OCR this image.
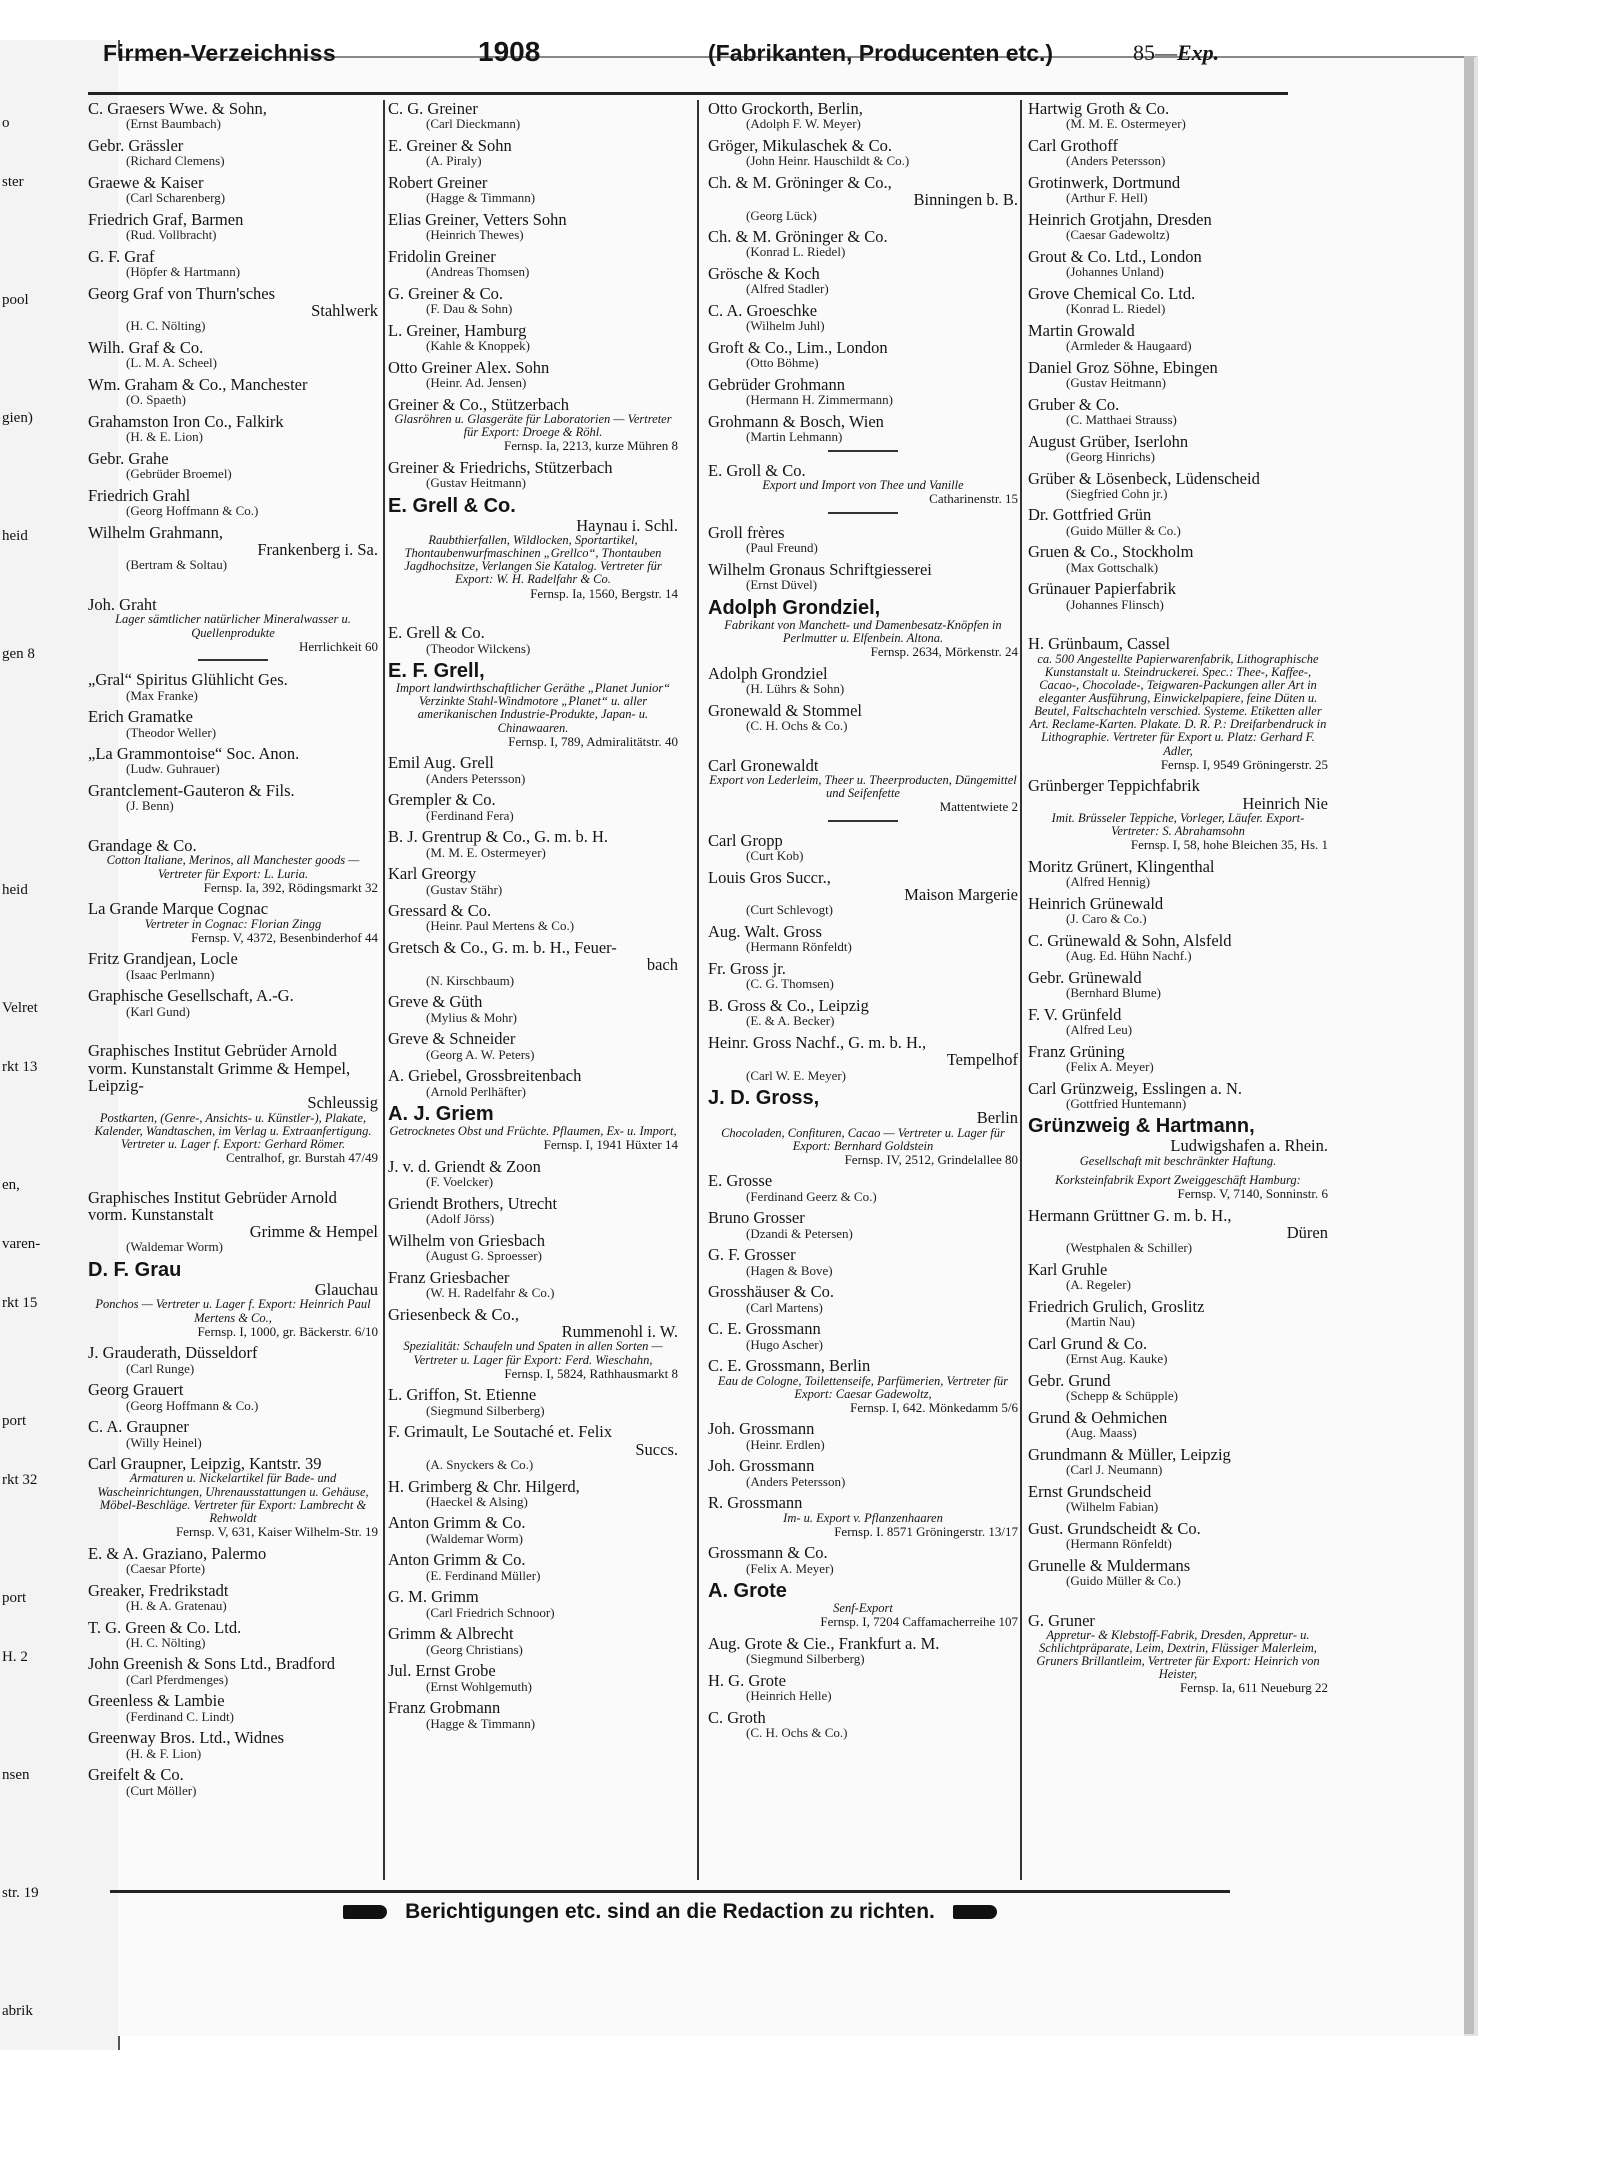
o
ster
pool
gien)
heid
gen 8
heid
Velret
rkt 13
en,
varen-
rkt 15
port
rkt 32
port
H. 2
nsen
str. 19
abrik
Firmen-Verzeichniss	1908	(Fabrikanten, Producenten etc.)	85—Exp.
C. Graesers Wwe. & Sohn,
(Ernst Baumbach)
Gebr. Grässler
(Richard Clemens)
Graewe & Kaiser
(Carl Scharenberg)
Friedrich Graf, Barmen
(Rud. Vollbracht)
G. F. Graf
(Höpfer & Hartmann)
Georg Graf von Thurn'sches
Stahlwerk
(H. C. Nölting)
Wilh. Graf & Co.
(L. M. A. Scheel)
Wm. Graham & Co., Manchester
(O. Spaeth)
Grahamston Iron Co., Falkirk
(H. & E. Lion)
Gebr. Grahe
(Gebrüder Broemel)
Friedrich Grahl
(Georg Hoffmann & Co.)
Wilhelm Grahmann,
Frankenberg i. Sa.
(Bertram & Soltau)
Joh. Graht
Lager sämtlicher natürlicher Mineralwasser u. Quellenprodukte
Herrlichkeit 60
„Gral“ Spiritus Glühlicht Ges.
(Max Franke)
Erich Gramatke
(Theodor Weller)
„La Grammontoise“ Soc. Anon.
(Ludw. Guhrauer)
Grantclement-Gauteron & Fils.
(J. Benn)
Grandage & Co.
Cotton Italiane, Merinos, all Manchester goods — Vertreter für Export: L. Luria.
Fernsp. Ia, 392, Rödingsmarkt 32
La Grande Marque Cognac
Vertreter in Cognac: Florian Zingg
Fernsp. V, 4372, Besenbinderhof 44
Fritz Grandjean, Locle
(Isaac Perlmann)
Graphische Gesellschaft, A.-G.
(Karl Gund)
Graphisches Institut Gebrüder Arnold vorm. Kunstanstalt Grimme & Hempel, Leipzig-
Schleussig
Postkarten, (Genre-, Ansichts- u. Künstler-), Plakate, Kalender, Wandtaschen, im Verlag u. Extraanfertigung. Vertreter u. Lager f. Export: Gerhard Römer.
Centralhof, gr. Burstah 47/49
Graphisches Institut Gebrüder Arnold vorm. Kunstanstalt
Grimme & Hempel
(Waldemar Worm)
D. F. Grau
Glauchau
Ponchos — Vertreter u. Lager f. Export: Heinrich Paul Mertens & Co.,
Fernsp. I, 1000, gr. Bäckerstr. 6/10
J. Grauderath, Düsseldorf
(Carl Runge)
Georg Grauert
(Georg Hoffmann & Co.)
C. A. Graupner
(Willy Heinel)
Carl Graupner, Leipzig, Kantstr. 39
Armaturen u. Nickelartikel für Bade- und Wascheinrichtungen, Uhrenausstattungen u. Gehäuse, Möbel-Beschläge. Vertreter für Export: Lambrecht & Rehwoldt
Fernsp. V, 631, Kaiser Wilhelm-Str. 19
E. & A. Graziano, Palermo
(Caesar Pforte)
Greaker, Fredrikstadt
(H. & A. Gratenau)
T. G. Green & Co. Ltd.
(H. C. Nölting)
John Greenish & Sons Ltd., Bradford
(Carl Pferdmenges)
Greenless & Lambie
(Ferdinand C. Lindt)
Greenway Bros. Ltd., Widnes
(H. & F. Lion)
Greifelt & Co.
(Curt Möller)
C. G. Greiner
(Carl Dieckmann)
E. Greiner & Sohn
(A. Piraly)
Robert Greiner
(Hagge & Timmann)
Elias Greiner, Vetters Sohn
(Heinrich Thewes)
Fridolin Greiner
(Andreas Thomsen)
G. Greiner & Co.
(F. Dau & Sohn)
L. Greiner, Hamburg
(Kahle & Knoppek)
Otto Greiner Alex. Sohn
(Heinr. Ad. Jensen)
Greiner & Co., Stützerbach
Glasröhren u. Glasgeräte für Laboratorien — Vertreter für Export: Droege & Röhl.
Fernsp. Ia, 2213, kurze Mühren 8
Greiner & Friedrichs, Stützerbach
(Gustav Heitmann)
E. Grell & Co.
Haynau i. Schl.
Raubthierfallen, Wildlocken, Sportartikel, Thontaubenwurfmaschinen „Grellco“, Thontauben Jagdhochsitze, Verlangen Sie Katalog. Vertreter für Export: W. H. Radelfahr & Co.
Fernsp. Ia, 1560, Bergstr. 14
E. Grell & Co.
(Theodor Wilckens)
E. F. Grell,
Import landwirthschaftlicher Geräthe „Planet Junior“ Verzinkte Stahl-Windmotore „Planet“ u. aller amerikanischen Industrie-Produkte, Japan- u. Chinawaaren.
Fernsp. I, 789, Admiralitätstr. 40
Emil Aug. Grell
(Anders Petersson)
Grempler & Co.
(Ferdinand Fera)
B. J. Grentrup & Co., G. m. b. H.
(M. M. E. Ostermeyer)
Karl Greorgy
(Gustav Stähr)
Gressard & Co.
(Heinr. Paul Mertens & Co.)
Gretsch & Co., G. m. b. H., Feuer-
bach
(N. Kirschbaum)
Greve & Güth
(Mylius & Mohr)
Greve & Schneider
(Georg A. W. Peters)
A. Griebel, Grossbreitenbach
(Arnold Perlhäfter)
A. J. Griem
Getrocknetes Obst und Früchte. Pflaumen, Ex- u. Import,
Fernsp. I, 1941 Hüxter 14
J. v. d. Griendt & Zoon
(F. Voelcker)
Griendt Brothers, Utrecht
(Adolf Jörss)
Wilhelm von Griesbach
(August G. Sproesser)
Franz Griesbacher
(W. H. Radelfahr & Co.)
Griesenbeck & Co.,
Rummenohl i. W.
Spezialität: Schaufeln und Spaten in allen Sorten — Vertreter u. Lager für Export: Ferd. Wieschahn,
Fernsp. I, 5824, Rathhausmarkt 8
L. Griffon, St. Etienne
(Siegmund Silberberg)
F. Grimault, Le Soutaché et. Felix
Succs.
(A. Snyckers & Co.)
H. Grimberg & Chr. Hilgerd,
(Haeckel & Alsing)
Anton Grimm & Co.
(Waldemar Worm)
Anton Grimm & Co.
(E. Ferdinand Müller)
G. M. Grimm
(Carl Friedrich Schnoor)
Grimm & Albrecht
(Georg Christians)
Jul. Ernst Grobe
(Ernst Wohlgemuth)
Franz Grobmann
(Hagge & Timmann)
Otto Grockorth, Berlin,
(Adolph F. W. Meyer)
Gröger, Mikulaschek & Co.
(John Heinr. Hauschildt & Co.)
Ch. & M. Gröninger & Co.,
Binningen b. B.
(Georg Lück)
Ch. & M. Gröninger & Co.
(Konrad L. Riedel)
Grösche & Koch
(Alfred Stadler)
C. A. Groeschke
(Wilhelm Juhl)
Groft & Co., Lim., London
(Otto Böhme)
Gebrüder Grohmann
(Hermann H. Zimmermann)
Grohmann & Bosch, Wien
(Martin Lehmann)
E. Groll & Co.
Export und Import von Thee und Vanille
Catharinenstr. 15
Groll frères
(Paul Freund)
Wilhelm Gronaus Schriftgiesserei
(Ernst Düvel)
Adolph Grondziel,
Fabrikant von Manchett- und Damenbesatz-Knöpfen in Perlmutter u. Elfenbein. Altona.
Fernsp. 2634, Mörkenstr. 24
Adolph Grondziel
(H. Lührs & Sohn)
Gronewald & Stommel
(C. H. Ochs & Co.)
Carl Gronewaldt
Export von Lederleim, Theer u. Theerproducten, Düngemittel und Seifenfette
Mattentwiete 2
Carl Gropp
(Curt Kob)
Louis Gros Succr.,
Maison Margerie
(Curt Schlevogt)
Aug. Walt. Gross
(Hermann Rönfeldt)
Fr. Gross jr.
(C. G. Thomsen)
B. Gross & Co., Leipzig
(E. & A. Becker)
Heinr. Gross Nachf., G. m. b. H.,
Tempelhof
(Carl W. E. Meyer)
J. D. Gross,
Berlin
Chocoladen, Confituren, Cacao — Vertreter u. Lager für Export: Bernhard Goldstein
Fernsp. IV, 2512, Grindelallee 80
E. Grosse
(Ferdinand Geerz & Co.)
Bruno Grosser
(Dzandi & Petersen)
G. F. Grosser
(Hagen & Bove)
Grosshäuser & Co.
(Carl Martens)
C. E. Grossmann
(Hugo Ascher)
C. E. Grossmann, Berlin
Eau de Cologne, Toilettenseife, Parfümerien, Vertreter für Export: Caesar Gadewoltz,
Fernsp. I, 642. Mönkedamm 5/6
Joh. Grossmann
(Heinr. Erdlen)
Joh. Grossmann
(Anders Petersson)
R. Grossmann
Im- u. Export v. Pflanzenhaaren
Fernsp. I. 8571 Gröningerstr. 13/17
Grossmann & Co.
(Felix A. Meyer)
A. Grote
Senf-Export
Fernsp. I, 7204 Caffamacherreihe 107
Aug. Grote & Cie., Frankfurt a. M.
(Siegmund Silberberg)
H. G. Grote
(Heinrich Helle)
C. Groth
(C. H. Ochs & Co.)
Hartwig Groth & Co.
(M. M. E. Ostermeyer)
Carl Grothoff
(Anders Petersson)
Grotinwerk, Dortmund
(Arthur F. Hell)
Heinrich Grotjahn, Dresden
(Caesar Gadewoltz)
Grout & Co. Ltd., London
(Johannes Unland)
Grove Chemical Co. Ltd.
(Konrad L. Riedel)
Martin Growald
(Armleder & Haugaard)
Daniel Groz Söhne, Ebingen
(Gustav Heitmann)
Gruber & Co.
(C. Matthaei Strauss)
August Grüber, Iserlohn
(Georg Hinrichs)
Grüber & Lösenbeck, Lüdenscheid
(Siegfried Cohn jr.)
Dr. Gottfried Grün
(Guido Müller & Co.)
Gruen & Co., Stockholm
(Max Gottschalk)
Grünauer Papierfabrik
(Johannes Flinsch)
H. Grünbaum, Cassel
ca. 500 Angestellte Papierwarenfabrik, Lithographische Kunstanstalt u. Steindruckerei. Spec.: Thee-, Kaffee-, Cacao-, Chocolade-, Teigwaren-Packungen aller Art in eleganter Ausführung, Einwickelpapiere, feine Düten u. Beutel, Faltschachteln verschied. Systeme. Etiketten aller Art. Reclame-Karten. Plakate. D. R. P.: Dreifarbendruck in Lithographie. Vertreter für Export u. Platz: Gerhard F. Adler,
Fernsp. I, 9549 Gröningerstr. 25
Grünberger Teppichfabrik
Heinrich Nie
Imit. Brüsseler Teppiche, Vorleger, Läufer. Export-Vertreter: S. Abrahamsohn
Fernsp. I, 58, hohe Bleichen 35, Hs. 1
Moritz Grünert, Klingenthal
(Alfred Hennig)
Heinrich Grünewald
(J. Caro & Co.)
C. Grünewald & Sohn, Alsfeld
(Aug. Ed. Hühn Nachf.)
Gebr. Grünewald
(Bernhard Blume)
F. V. Grünfeld
(Alfred Leu)
Franz Grüning
(Felix A. Meyer)
Carl Grünzweig, Esslingen a. N.
(Gottfried Huntemann)
Grünzweig & Hartmann,
Ludwigshafen a. Rhein.
Gesellschaft mit beschränkter Haftung.
Korksteinfabrik Export Zweiggeschäft Hamburg:
Fernsp. V, 7140, Sonninstr. 6
Hermann Grüttner G. m. b. H.,
Düren
(Westphalen & Schiller)
Karl Gruhle
(A. Regeler)
Friedrich Grulich, Groslitz
(Martin Nau)
Carl Grund & Co.
(Ernst Aug. Kauke)
Gebr. Grund
(Schepp & Schüpple)
Grund & Oehmichen
(Aug. Maass)
Grundmann & Müller, Leipzig
(Carl J. Neumann)
Ernst Grundscheid
(Wilhelm Fabian)
Gust. Grundscheidt & Co.
(Hermann Rönfeldt)
Grunelle & Muldermans
(Guido Müller & Co.)
G. Gruner
Appretur- & Klebstoff-Fabrik, Dresden, Appretur- u. Schlichtpräparate, Leim, Dextrin, Flüssiger Malerleim, Gruners Brillantleim, Vertreter für Export: Heinrich von Heister,
Fernsp. Ia, 611 Neueburg 22
Berichtigungen etc. sind an die Redaction zu richten.
